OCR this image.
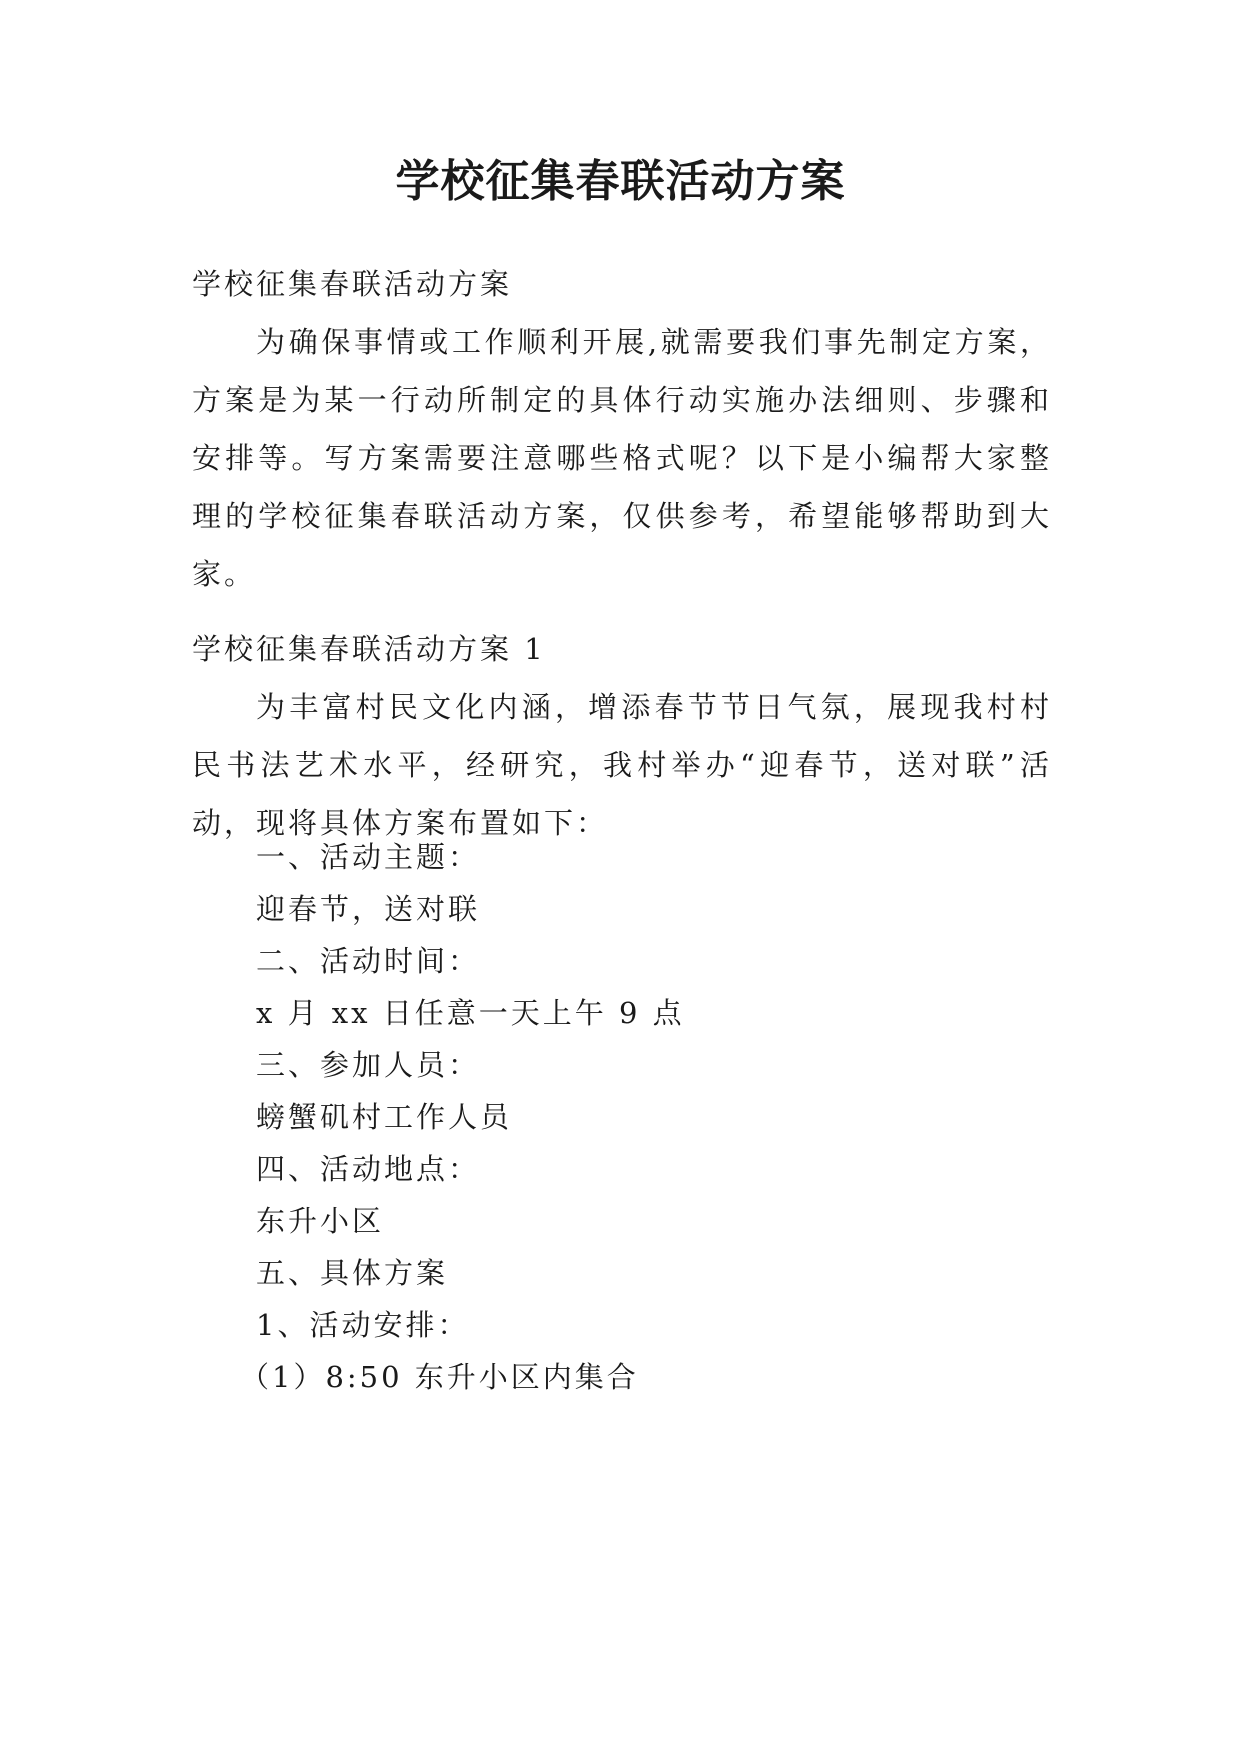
学校征集春联活动方案
学校征集春联活动方案
为确保事情或工作顺利开展,就需要我们事先制定方案，方案是为某一行动所制定的具体行动实施办法细则、步骤和安排等。写方案需要注意哪些格式呢？以下是小编帮大家整理的学校征集春联活动方案，仅供参考，希望能够帮助到大家。
学校征集春联活动方案 1
为丰富村民文化内涵，增添春节节日气氛，展现我村村民书法艺术水平，经研究，我村举办“迎春节，送对联”活动，现将具体方案布置如下：
一、活动主题：
迎春节，送对联
二、活动时间：
x 月 xx 日任意一天上午 9 点
三、参加人员：
螃蟹矶村工作人员
四、活动地点：
东升小区
五、具体方案
1、活动安排：
（1）8:50 东升小区内集合
